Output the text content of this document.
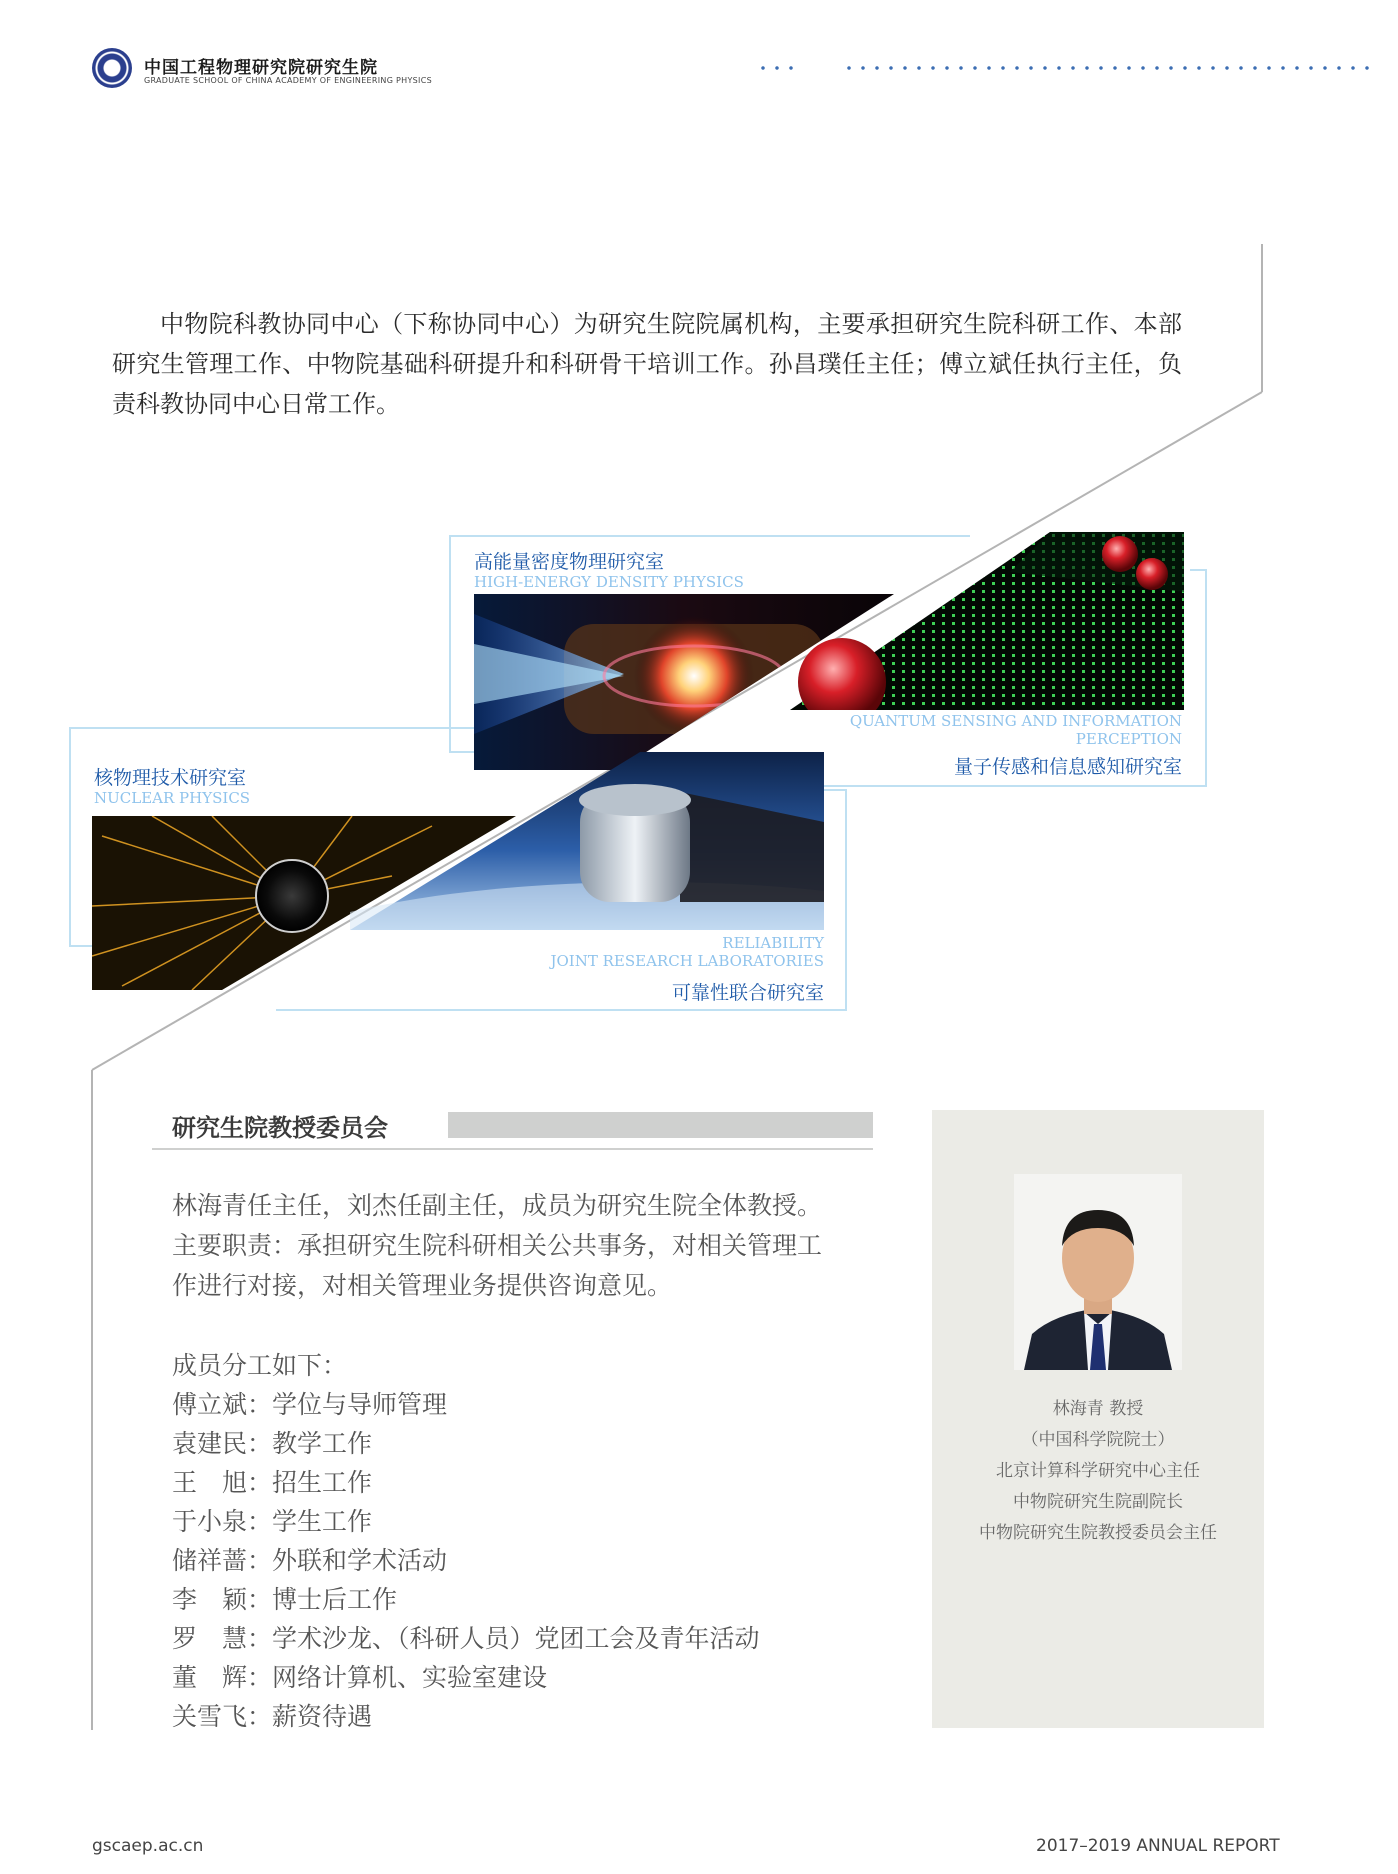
中国工程物理研究院研究生院
GRADUATE SCHOOL OF CHINA ACADEMY OF ENGINEERING PHYSICS
中物院科教协同中心（下称协同中心）为研究生院院属机构，主要承担研究生院科研工作、本部研究生管理工作、中物院基础科研提升和科研骨干培训工作。孙昌璞任主任；傅立斌任执行主任，负责科教协同中心日常工作。
高能量密度物理研究室
HIGH-ENERGY DENSITY PHYSICS
QUANTUM SENSING AND INFORMATION
PERCEPTION
量子传感和信息感知研究室
核物理技术研究室
NUCLEAR PHYSICS
RELIABILITY
JOINT RESEARCH LABORATORIES
可靠性联合研究室
研究生院教授委员会
林海青任主任，刘杰任副主任，成员为研究生院全体教授。
主要职责：承担研究生院科研相关公共事务，对相关管理工
作进行对接，对相关管理业务提供咨询意见。
成员分工如下：
傅立斌：学位与导师管理
袁建民：教学工作
王　旭：招生工作
于小泉：学生工作
储祥蔷：外联和学术活动
李　颖：博士后工作
罗　慧：学术沙龙、（科研人员）党团工会及青年活动
董　辉：网络计算机、实验室建设
关雪飞：薪资待遇
林海青 教授
（中国科学院院士）
北京计算科学研究中心主任
中物院研究生院副院长
中物院研究生院教授委员会主任
gscaep.ac.cn	2017–2019 ANNUAL REPORT
